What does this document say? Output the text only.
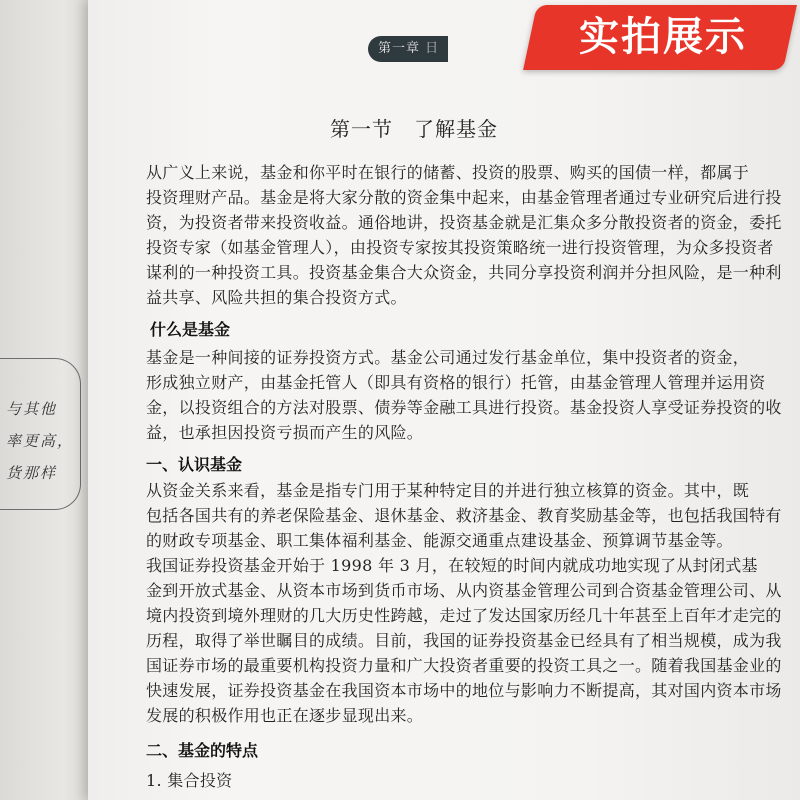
与其他
率更高，
货那样
第一章 日	实拍展示
第一节　了解基金
从广义上来说，基金和你平时在银行的储蓄、投资的股票、购买的国债一样，都属于
投资理财产品。基金是将大家分散的资金集中起来，由基金管理者通过专业研究后进行投
资，为投资者带来投资收益。通俗地讲，投资基金就是汇集众多分散投资者的资金，委托
投资专家（如基金管理人），由投资专家按其投资策略统一进行投资管理，为众多投资者
谋利的一种投资工具。投资基金集合大众资金，共同分享投资利润并分担风险，是一种利
益共享、风险共担的集合投资方式。
什么是基金
基金是一种间接的证券投资方式。基金公司通过发行基金单位，集中投资者的资金，
形成独立财产，由基金托管人（即具有资格的银行）托管，由基金管理人管理并运用资
金，以投资组合的方法对股票、债券等金融工具进行投资。基金投资人享受证券投资的收
益，也承担因投资亏损而产生的风险。
一、认识基金
从资金关系来看，基金是指专门用于某种特定目的并进行独立核算的资金。其中，既
包括各国共有的养老保险基金、退休基金、救济基金、教育奖励基金等，也包括我国特有
的财政专项基金、职工集体福利基金、能源交通重点建设基金、预算调节基金等。
我国证券投资基金开始于 1998 年 3 月，在较短的时间内就成功地实现了从封闭式基
金到开放式基金、从资本市场到货币市场、从内资基金管理公司到合资基金管理公司、从
境内投资到境外理财的几大历史性跨越，走过了发达国家历经几十年甚至上百年才走完的
历程，取得了举世瞩目的成绩。目前，我国的证券投资基金已经具有了相当规模，成为我
国证券市场的最重要机构投资力量和广大投资者重要的投资工具之一。随着我国基金业的
快速发展，证券投资基金在我国资本市场中的地位与影响力不断提高，其对国内资本市场
发展的积极作用也正在逐步显现出来。
二、基金的特点
1. 集合投资
